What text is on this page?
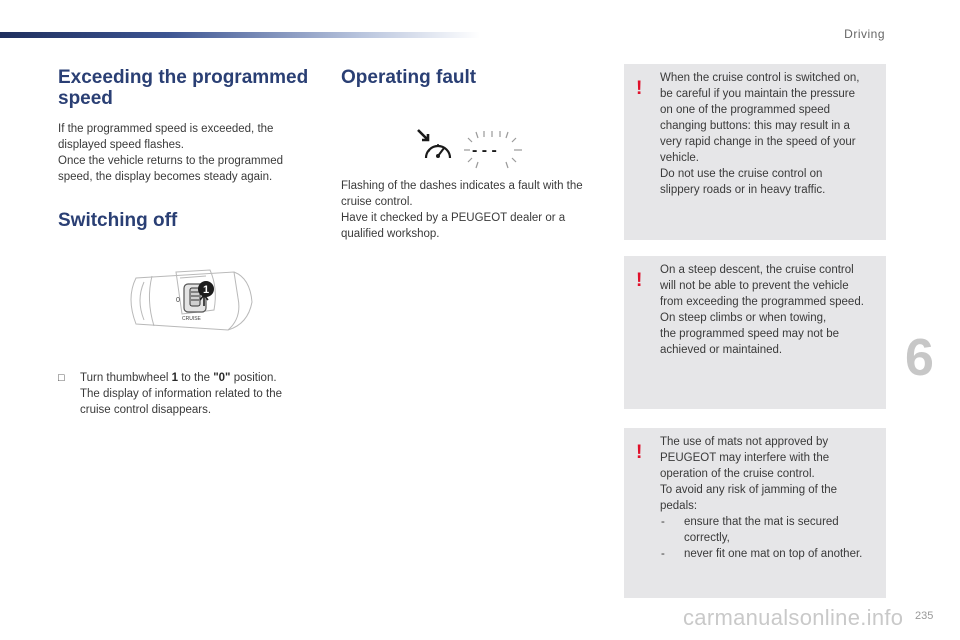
Driving
Exceeding the programmed
speed
If the programmed speed is exceeded, the
displayed speed flashes.
Once the vehicle returns to the programmed
speed, the display becomes steady again.
Switching off
0
CRUISE
1
□ Turn thumbwheel 1 to the "0" position.
The display of information related to the
cruise control disappears.
Operating fault
- - -
Flashing of the dashes indicates a fault with the
cruise control.
Have it checked by a PEUGEOT dealer or a
qualified workshop.
! When the cruise control is switched on,
be careful if you maintain the pressure
on one of the programmed speed
changing buttons: this may result in a
very rapid change in the speed of your
vehicle.
Do not use the cruise control on
slippery roads or in heavy traffic.
! On a steep descent, the cruise control
will not be able to prevent the vehicle
from exceeding the programmed speed.
On steep climbs or when towing,
the programmed speed may not be
achieved or maintained.
! The use of mats not approved by
PEUGEOT may interfere with the
operation of the cruise control.
To avoid any risk of jamming of the
pedals:
- ensure that the mat is secured
correctly,
- never fit one mat on top of another.
6
carmanualsonline.info 235
